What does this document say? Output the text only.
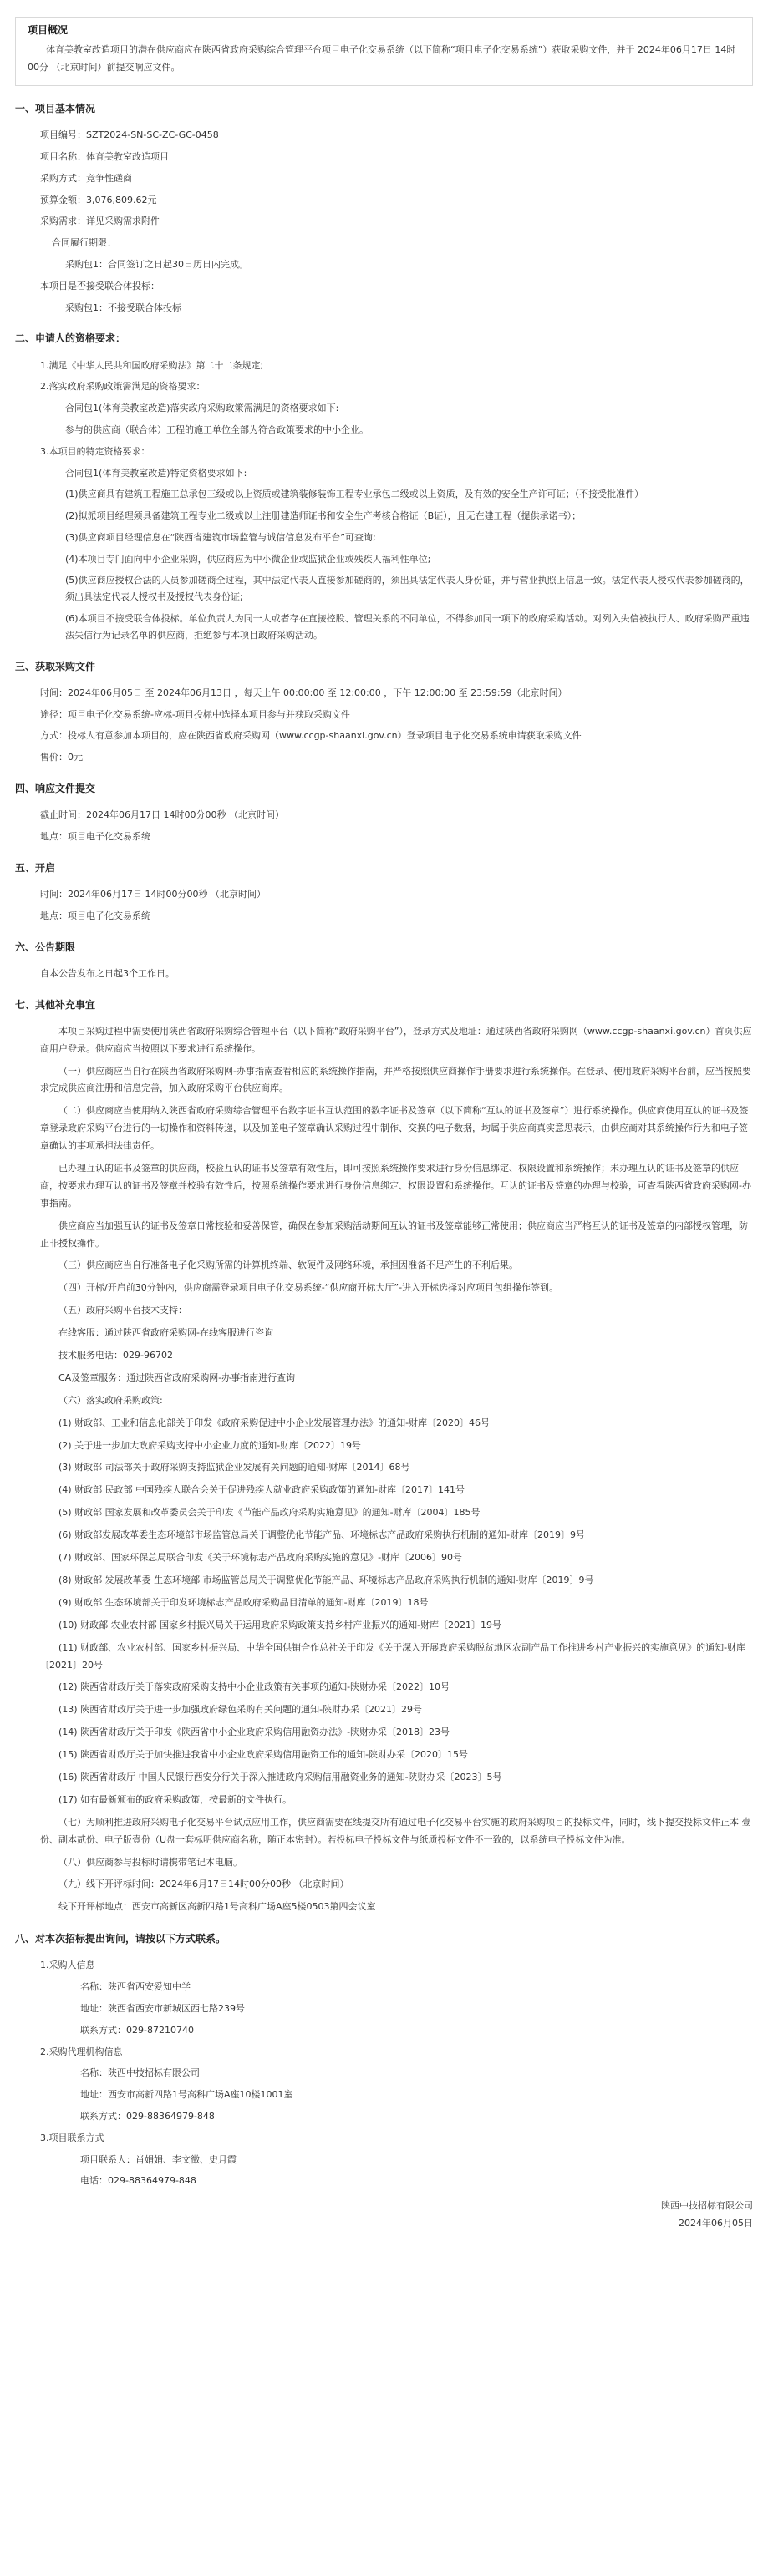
项目概况
体育美教室改造项目的潜在供应商应在陕西省政府采购综合管理平台项目电子化交易系统（以下简称“项目电子化交易系统”）获取采购文件，并于 2024年06月17日 14时00分 （北京时间）前提交响应文件。
一、项目基本情况
项目编号：SZT2024-SN-SC-ZC-GC-0458
项目名称：体育美教室改造项目
采购方式：竞争性磋商
预算金额：3,076,809.62元
采购需求：详见采购需求附件
合同履行期限：
采购包1：合同签订之日起30日历日内完成。
本项目是否接受联合体投标：
采购包1：不接受联合体投标
二、申请人的资格要求：
1.满足《中华人民共和国政府采购法》第二十二条规定;
2.落实政府采购政策需满足的资格要求：
合同包1(体育美教室改造)落实政府采购政策需满足的资格要求如下:
参与的供应商（联合体）工程的施工单位全部为符合政策要求的中小企业。
3.本项目的特定资格要求：
合同包1(体育美教室改造)特定资格要求如下:
(1)供应商具有建筑工程施工总承包三级或以上资质或建筑装修装饰工程专业承包二级或以上资质，及有效的安全生产许可证；（不接受批准件）
(2)拟派项目经理须具备建筑工程专业二级或以上注册建造师证书和安全生产考核合格证（B证），且无在建工程（提供承诺书）；
(3)供应商项目经理信息在“陕西省建筑市场监管与诚信信息发布平台”可查询;
(4)本项目专门面向中小企业采购，供应商应为中小微企业或监狱企业或残疾人福利性单位;
(5)供应商应授权合法的人员参加磋商全过程，其中法定代表人直接参加磋商的，须出具法定代表人身份证，并与营业执照上信息一致。法定代表人授权代表参加磋商的，须出具法定代表人授权书及授权代表身份证;
(6)本项目不接受联合体投标。单位负责人为同一人或者存在直接控股、管理关系的不同单位，不得参加同一项下的政府采购活动。对列入失信被执行人、政府采购严重违法失信行为记录名单的供应商，拒绝参与本项目政府采购活动。
三、获取采购文件
时间：2024年06月05日 至 2024年06月13日 ，每天上午 00:00:00 至 12:00:00 ，下午 12:00:00 至 23:59:59（北京时间）
途径：项目电子化交易系统-应标-项目投标中选择本项目参与并获取采购文件
方式：投标人有意参加本项目的，应在陕西省政府采购网（www.ccgp-shaanxi.gov.cn）登录项目电子化交易系统申请获取采购文件
售价：0元
四、响应文件提交
截止时间：2024年06月17日 14时00分00秒 （北京时间）
地点：项目电子化交易系统
五、开启
时间：2024年06月17日 14时00分00秒 （北京时间）
地点：项目电子化交易系统
六、公告期限
自本公告发布之日起3个工作日。
七、其他补充事宜
本项目采购过程中需要使用陕西省政府采购综合管理平台（以下简称“政府采购平台”），登录方式及地址：通过陕西省政府采购网（www.ccgp-shaanxi.gov.cn）首页供应商用户登录。供应商应当按照以下要求进行系统操作。
（一）供应商应当自行在陕西省政府采购网-办事指南查看相应的系统操作指南，并严格按照供应商操作手册要求进行系统操作。在登录、使用政府采购平台前，应当按照要求完成供应商注册和信息完善，加入政府采购平台供应商库。
（二）供应商应当使用纳入陕西省政府采购综合管理平台数字证书互认范围的数字证书及签章（以下简称“互认的证书及签章”）进行系统操作。供应商使用互认的证书及签章登录政府采购平台进行的一切操作和资料传递，以及加盖电子签章确认采购过程中制作、交换的电子数据，均属于供应商真实意思表示，由供应商对其系统操作行为和电子签章确认的事项承担法律责任。
已办理互认的证书及签章的供应商，校验互认的证书及签章有效性后，即可按照系统操作要求进行身份信息绑定、权限设置和系统操作；未办理互认的证书及签章的供应商，按要求办理互认的证书及签章并校验有效性后，按照系统操作要求进行身份信息绑定、权限设置和系统操作。互认的证书及签章的办理与校验，可查看陕西省政府采购网-办事指南。
供应商应当加强互认的证书及签章日常校验和妥善保管，确保在参加采购活动期间互认的证书及签章能够正常使用；供应商应当严格互认的证书及签章的内部授权管理，防止非授权操作。
（三）供应商应当自行准备电子化采购所需的计算机终端、软硬件及网络环境，承担因准备不足产生的不利后果。
（四）开标/开启前30分钟内，供应商需登录项目电子化交易系统-“供应商开标大厅”-进入开标选择对应项目包组操作签到。
（五）政府采购平台技术支持：
在线客服：通过陕西省政府采购网-在线客服进行咨询
技术服务电话：029-96702
CA及签章服务：通过陕西省政府采购网-办事指南进行查询
（六）落实政府采购政策:
(1) 财政部、工业和信息化部关于印发《政府采购促进中小企业发展管理办法》的通知-财库〔2020〕46号
(2) 关于进一步加大政府采购支持中小企业力度的通知-财库〔2022〕19号
(3) 财政部 司法部关于政府采购支持监狱企业发展有关问题的通知-财库〔2014〕68号
(4) 财政部 民政部 中国残疾人联合会关于促进残疾人就业政府采购政策的通知-财库〔2017〕141号
(5) 财政部 国家发展和改革委员会关于印发《节能产品政府采购实施意见》的通知-财库〔2004〕185号
(6) 财政部发展改革委生态环境部市场监管总局关于调整优化节能产品、环境标志产品政府采购执行机制的通知-财库〔2019〕9号
(7) 财政部、国家环保总局联合印发《关于环境标志产品政府采购实施的意见》-财库〔2006〕90号
(8) 财政部 发展改革委 生态环境部 市场监管总局关于调整优化节能产品、环境标志产品政府采购执行机制的通知-财库〔2019〕9号
(9) 财政部 生态环境部关于印发环境标志产品政府采购品目清单的通知-财库〔2019〕18号
(10) 财政部 农业农村部 国家乡村振兴局关于运用政府采购政策支持乡村产业振兴的通知-财库〔2021〕19号
(11) 财政部、农业农村部、国家乡村振兴局、中华全国供销合作总社关于印发《关于深入开展政府采购脱贫地区农副产品工作推进乡村产业振兴的实施意见》的通知-财库〔2021〕20号
(12) 陕西省财政厅关于落实政府采购支持中小企业政策有关事项的通知-陕财办采〔2022〕10号
(13) 陕西省财政厅关于进一步加强政府绿色采购有关问题的通知-陕财办采〔2021〕29号
(14) 陕西省财政厅关于印发《陕西省中小企业政府采购信用融资办法》-陕财办采〔2018〕23号
(15) 陕西省财政厅关于加快推进我省中小企业政府采购信用融资工作的通知-陕财办采〔2020〕15号
(16) 陕西省财政厅 中国人民银行西安分行关于深入推进政府采购信用融资业务的通知-陕财办采〔2023〕5号
(17) 如有最新颁布的政府采购政策，按最新的文件执行。
（七）为顺利推进政府采购电子化交易平台试点应用工作，供应商需要在线提交所有通过电子化交易平台实施的政府采购项目的投标文件，同时，线下提交投标文件正本 壹份、副本贰份、电子版壹份（U盘一套标明供应商名称，随正本密封）。若投标电子投标文件与纸质投标文件不一致的，以系统电子投标文件为准。
（八）供应商参与投标时请携带笔记本电脑。
（九）线下开评标时间：2024年6月17日14时00分00秒 （北京时间）
线下开评标地点：西安市高新区高新四路1号高科广场A座5楼0503第四会议室
八、对本次招标提出询问，请按以下方式联系。
1.采购人信息
名称：陕西省西安爱知中学
地址：陕西省西安市新城区西七路239号
联系方式：029-87210740
2.采购代理机构信息
名称：陕西中技招标有限公司
地址：西安市高新四路1号高科广场A座10楼1001室
联系方式：029-88364979-848
3.项目联系方式
项目联系人：肖娟娟、李文徵、史月霞
电话：029-88364979-848
陕西中技招标有限公司
2024年06月05日
